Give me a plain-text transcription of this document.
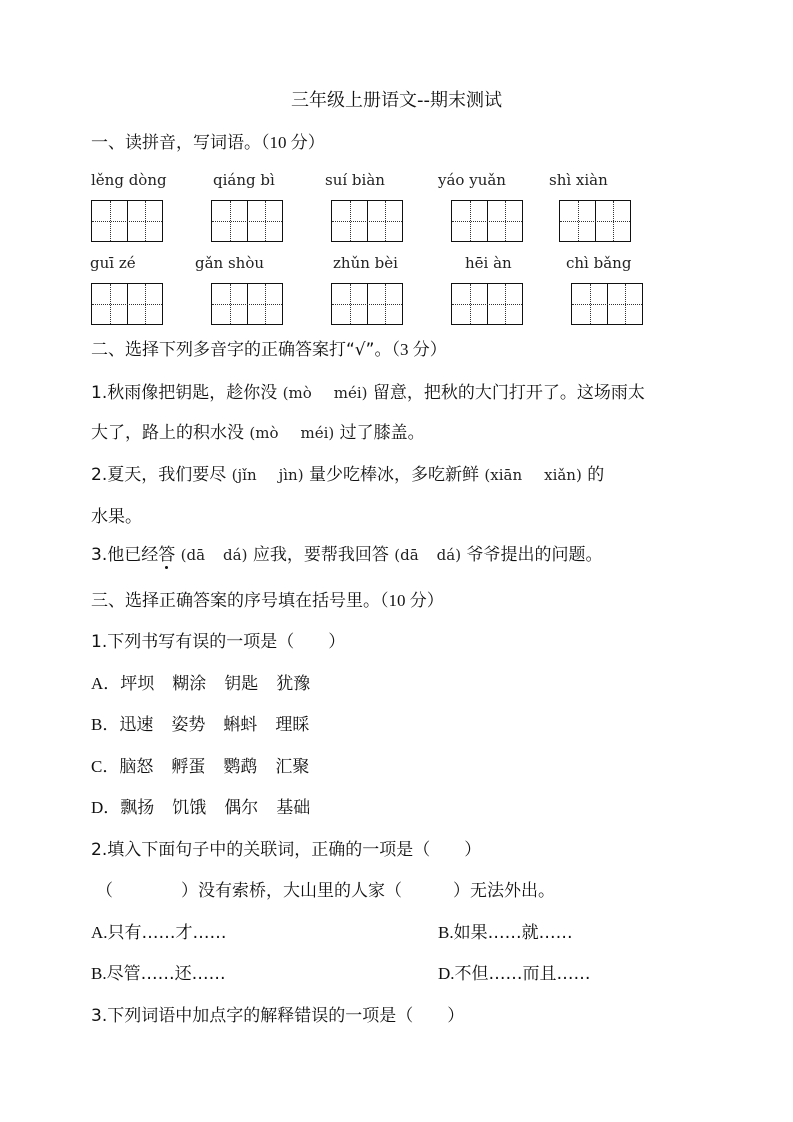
三年级上册语文--期末测试
一、读拼音，写词语。（10 分）
lěng dòng	qiáng bì	suí biàn	yáo yuǎn	shì xiàn
guī zé	gǎn shòu	zhǔn bèi	hēi àn	chì bǎng
二、选择下列多音字的正确答案打“√”。（3 分）
1.秋雨像把钥匙，趁你没 (mò méi) 留意，把秋的大门打开了。这场雨太
大了，路上的积水没 (mò méi) 过了膝盖。
2.夏天，我们要尽 (jǐn jìn) 量少吃棒冰，多吃新鲜 (xiān xiǎn) 的
水果。
3.他已经答 (dā dá) 应我，要帮我回答 (dā dá) 爷爷提出的问题。
三、选择正确答案的序号填在括号里。（10 分）
1.下列书写有误的一项是（　　）
A．坪坝 糊涂 钥匙 犹豫
B．迅速 姿势 蝌蚪 理睬
C．脑怒 孵蛋 鹦鹉 汇聚
D．飘扬 饥饿 偶尔 基础
2.填入下面句子中的关联词，正确的一项是（　　）
（　　　　）没有索桥，大山里的人家（　　　）无法外出。
A.只有……才……	B.如果……就……
B.尽管……还……	D.不但……而且……
3.下列词语中加点字的解释错误的一项是（　　）
